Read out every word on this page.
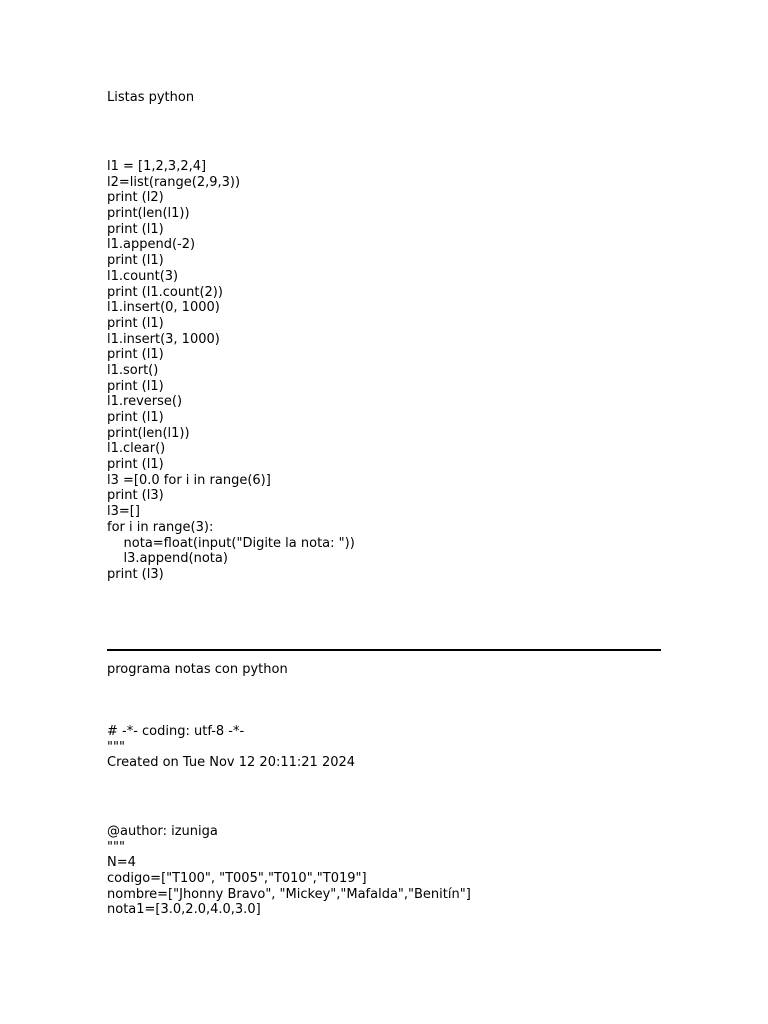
Listas python
l1 = [1,2,3,2,4]
l2=list(range(2,9,3))
print (l2)
print(len(l1))
print (l1)
l1.append(-2)
print (l1)
l1.count(3)
print (l1.count(2))
l1.insert(0, 1000)
print (l1)
l1.insert(3, 1000)
print (l1)
l1.sort()
print (l1)
l1.reverse()
print (l1)
print(len(l1))
l1.clear()
print (l1)
l3 =[0.0 for i in range(6)]
print (l3)
l3=[]
for i in range(3):
nota=float(input("Digite la nota: "))
l3.append(nota)
print (l3)
programa notas con python
# -*- coding: utf-8 -*-
"""
Created on Tue Nov 12 20:11:21 2024
@author: izuniga
"""
N=4
codigo=["T100", "T005","T010","T019"]
nombre=["Jhonny Bravo", "Mickey","Mafalda","Benitín"]
nota1=[3.0,2.0,4.0,3.0]
